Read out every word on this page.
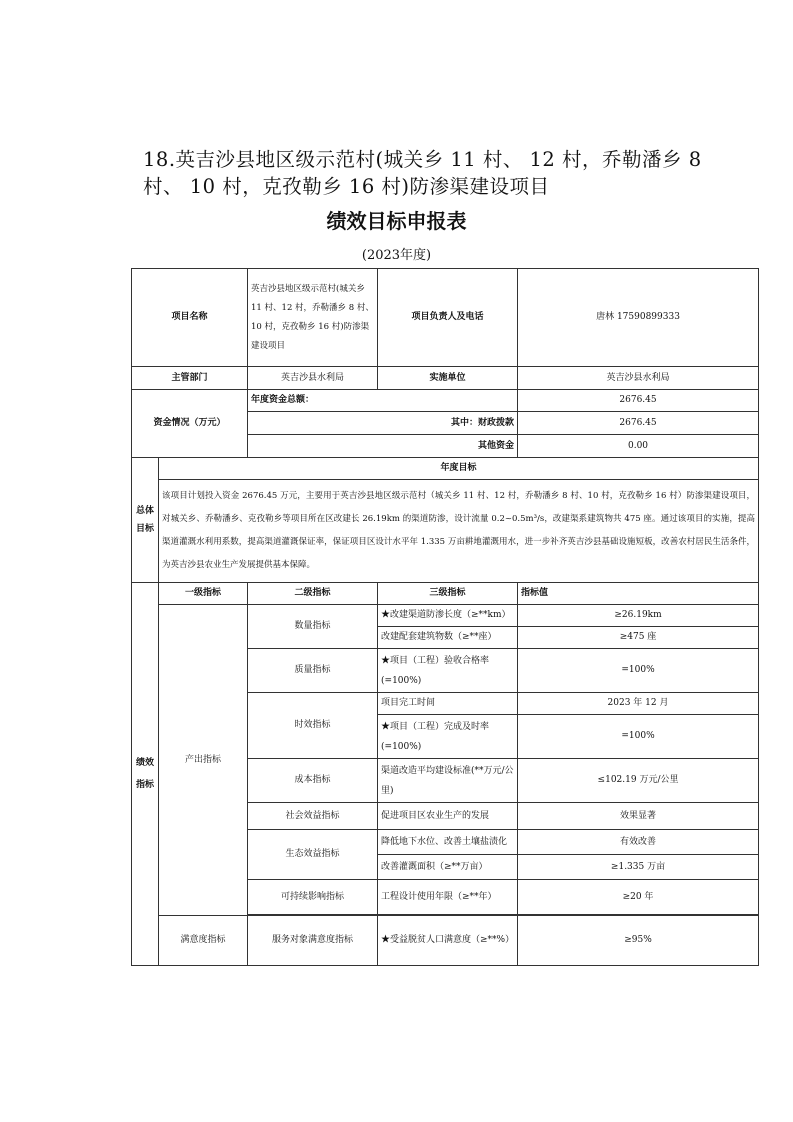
18.英吉沙县地区级示范村(城关乡 11 村、 12 村，乔勒潘乡 8 村、 10 村，克孜勒乡 16 村)防渗渠建设项目
绩效目标申报表
(2023年度)
项目名称		英吉沙县地区级示范村(城关乡 11 村、12 村，乔勒潘乡 8 村、10 村，克孜勒乡 16 村)防渗渠建设项目	项目负责人及电话	唐林 17590899333
主管部门		英吉沙县水利局	实施单位	英吉沙县水利局
资金情况（万元）		年度资金总额：		2676.45
		其中：财政拨款		2676.45
		其他资金		0.00
总体
目标	年度目标			
	该项目计划投入资金 2676.45 万元，主要用于英吉沙县地区级示范村（城关乡 11 村、12 村，乔勒潘乡 8 村、10 村，克孜勒乡 16 村）防渗渠建设项目，对城关乡、乔勒潘乡、克孜勒乡等项目所在区改建长 26.19km 的渠道防渗，设计流量 0.2~0.5m³/s，改建渠系建筑物共 475 座。通过该项目的实施，提高渠道灌溉水利用系数，提高渠道灌溉保证率，保证项目区设计水平年 1.335 万亩耕地灌溉用水，进一步补齐英吉沙县基础设施短板，改善农村居民生活条件，为英吉沙县农业生产发展提供基本保障。			
绩效
指标	一级指标	二级指标	三级指标	指标值
	产出指标	数量指标	★改建渠道防渗长度（≥**km）	≥26.19km
			改建配套建筑物数（≥**座）	≥475 座
		质量指标	★项目（工程）验收合格率(=100%)	=100%
		时效指标	项目完工时间	2023 年 12 月
			★项目（工程）完成及时率(=100%)	=100%
		成本指标	渠道改造平均建设标准(**万元/公里)	≤102.19 万元/公里
		社会效益指标	促进项目区农业生产的发展	效果显著
		生态效益指标	降低地下水位、改善土壤盐渍化	有效改善
			改善灌溉面积（≥**万亩）	≥1.335 万亩
		可持续影响指标	工程设计使用年限（≥**年）	≥20 年

	满意度指标	服务对象满意度指标	★受益脱贫人口满意度（≥**%）	≥95%
